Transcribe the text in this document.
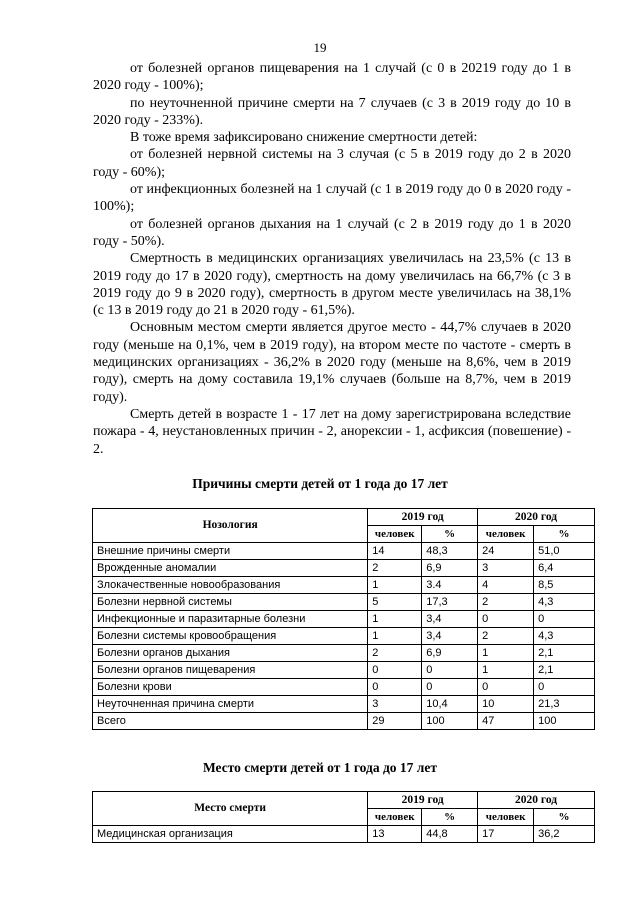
19

от болезней органов пищеварения на 1 случай (с 0 в 20219 году до 1 в 2020 году - 100%);

по неуточненной причине смерти на 7 случаев (с 3 в 2019 году до 10 в 2020 году - 233%).

В тоже время зафиксировано снижение смертности детей:

от болезней нервной системы на 3 случая (с 5 в 2019 году до 2 в 2020 году - 60%);

от инфекционных болезней на 1 случай (с 1 в 2019 году до 0 в 2020 году - 100%);

от болезней органов дыхания на 1 случай (с 2 в 2019 году до 1 в 2020 году - 50%).

Смертность в медицинских организациях увеличилась на 23,5% (с 13 в 2019 году до 17 в 2020 году), смертность на дому увеличилась на 66,7% (с 3 в 2019 году до 9 в 2020 году), смертность в другом месте увеличилась на 38,1% (с 13 в 2019 году до 21 в 2020 году - 61,5%).

Основным местом смерти является другое место - 44,7% случаев в 2020 году (меньше на 0,1%, чем в 2019 году), на втором месте по частоте - смерть в медицинских организациях - 36,2% в 2020 году (меньше на 8,6%, чем в 2019 году), смерть на дому составила 19,1% случаев (больше на 8,7%, чем в 2019 году).

Смерть детей в возрасте 1 - 17 лет на дому зарегистрирована вследствие пожара - 4, неустановленных причин - 2, анорексии - 1, асфиксия (повешение) - 2.

Причины смерти детей от 1 года до 17 лет
Нозология	2019 год		2020 год	
	человек	%	человек	%
Внешние причины смерти	14	48,3	24	51,0
Врожденные аномалии	2	6,9	3	6,4
Злокачественные новообразования	1	3.4	4	8,5
Болезни нервной системы	5	17,3	2	4,3
Инфекционные и паразитарные болезни	1	3,4	0	0
Болезни системы кровообращения	1	3,4	2	4,3
Болезни органов дыхания	2	6,9	1	2,1
Болезни органов пищеварения	0	0	1	2,1
Болезни крови	0	0	0	0
Неуточненная причина смерти	3	10,4	10	21,3
Всего	29	100	47	100
Место смерти детей от 1 года до 17 лет
Место смерти	2019 год		2020 год	
	человек	%	человек	%
Медицинская организация	13	44,8	17	36,2
